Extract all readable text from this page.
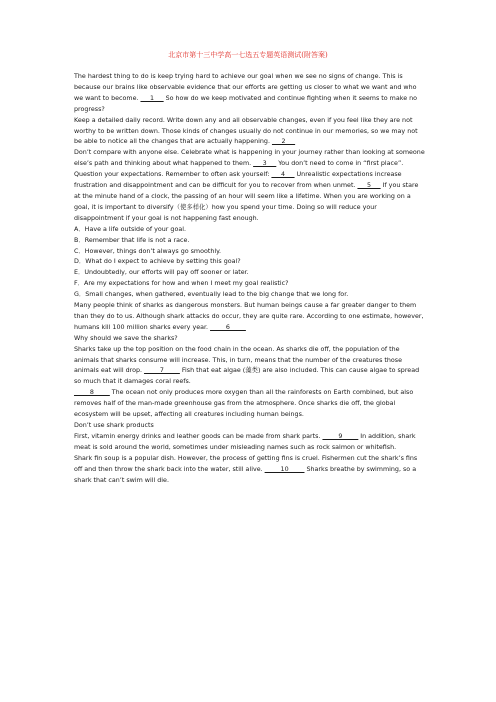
北京市第十三中学高一七选五专题英语测试(附答案)

The hardest thing to do is keep trying hard to achieve our goal when we see no signs of change. This is because our brains like observable evidence that our efforts are getting us closer to what we want and who we want to become. ___1___ So how do we keep motivated and continue fighting when it seems to make no progress?

Keep a detailed daily record. Write down any and all observable changes, even if you feel like they are not worthy to be written down. Those kinds of changes usually do not continue in our memories, so we may not be able to notice all the changes that are actually happening. ___2___

Don’t compare with anyone else. Celebrate what is happening in your journey rather than looking at someone else’s path and thinking about what happened to them. ___3___ You don’t need to come in “first place”.

Question your expectations. Remember to often ask yourself: ___4___ Unrealistic expectations increase frustration and disappointment and can be difficult for you to recover from when unmet. ___5___ If you stare at the minute hand of a clock, the passing of an hour will seem like a lifetime. When you are working on a goal, it is important to diversify（使多样化）how you spend your time. Doing so will reduce your disappointment if your goal is not happening fast enough.

A．Have a life outside of your goal.

B．Remember that life is not a race.

C．However, things don’t always go smoothly.

D．What do I expect to achieve by setting this goal?

E．Undoubtedly, our efforts will pay off sooner or later.

F．Are my expectations for how and when I meet my goal realistic?

G．Small changes, when gathered, eventually lead to the big change that we long for.

Many people think of sharks as dangerous monsters. But human beings cause a far greater danger to them than they do to us. Although shark attacks do occur, they are quite rare. According to one estimate, however, humans kill 100 million sharks every year. _____6_____

Why should we save the sharks?

Sharks take up the top position on the food chain in the ocean. As sharks die off, the population of the animals that sharks consume will increase. This, in turn, means that the number of the creatures those animals eat will drop. _____7_____ Fish that eat algae (藻类) are also included. This can cause algae to spread so much that it damages coral reefs.

_____8_____ The ocean not only produces more oxygen than all the rainforests on Earth combined, but also removes half of the man-made greenhouse gas from the atmosphere. Once sharks die off, the global ecosystem will be upset, affecting all creatures including human beings.

Don’t use shark products

First, vitamin energy drinks and leather goods can be made from shark parts. _____9_____ In addition, shark meat is sold around the world, sometimes under misleading names such as rock salmon or whitefish.

Shark fin soup is a popular dish. However, the process of getting fins is cruel. Fishermen cut the shark’s fins off and then throw the shark back into the water, still alive. _____10_____ Sharks breathe by swimming, so a shark that can’t swim will die.
